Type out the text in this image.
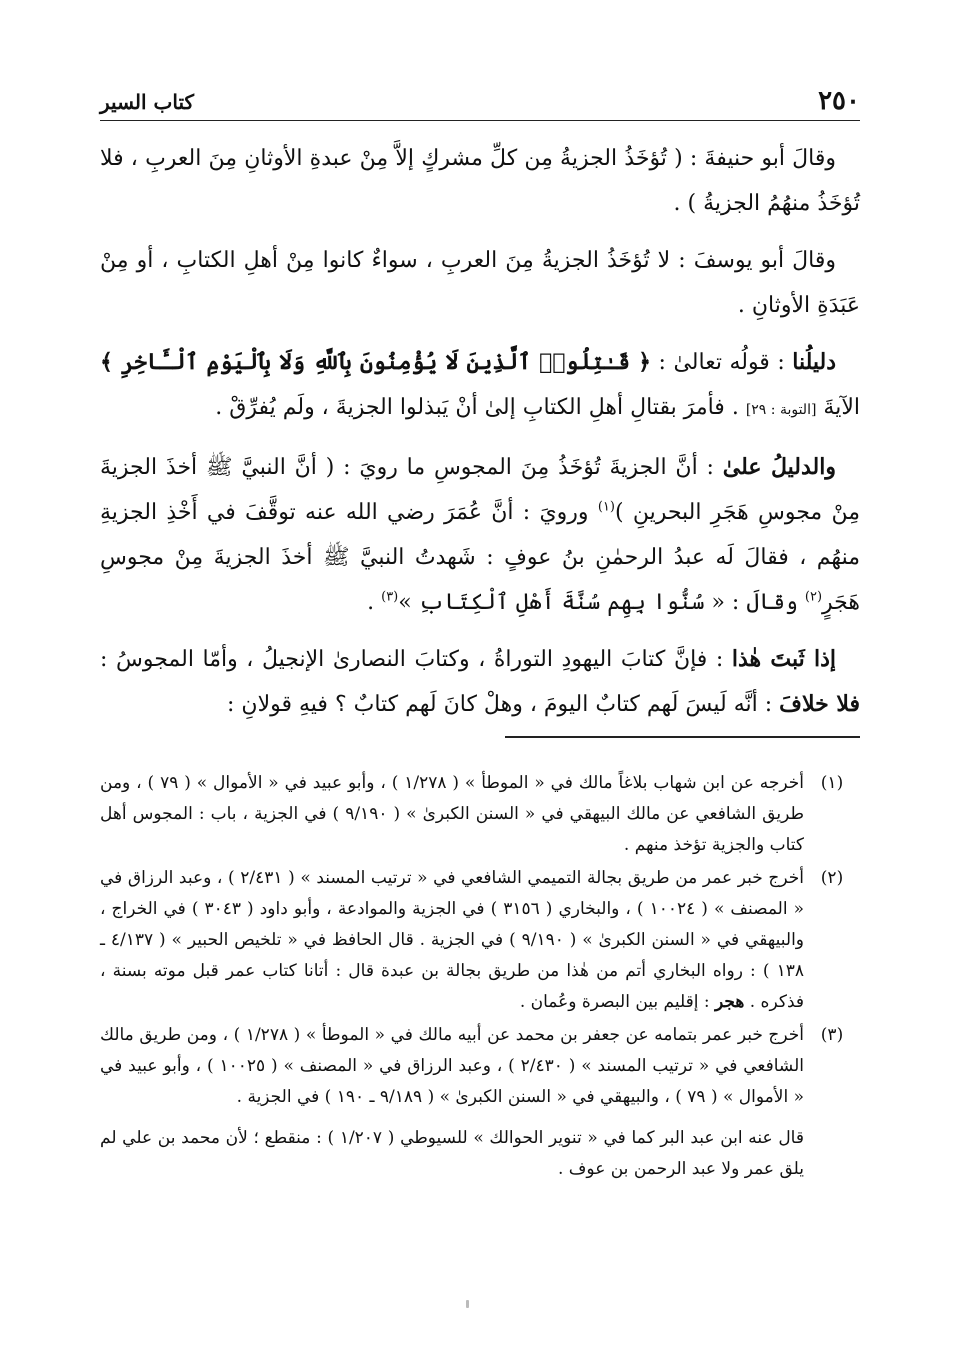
٢٥٠
كتاب السير

وقالَ أبو حنيفةَ : ( تُؤخَذُ الجزيةُ مِن كلِّ مشركٍ إلاَّ مِنْ عبدةِ الأوثانِ مِنَ العربِ ، فلا تُؤخَذُ منهُمُ الجزيةُ ) .

وقالَ أبو يوسفَ : لا تُؤخَذُ الجزيةُ مِنَ العربِ ، سواءٌ كانوا مِنْ أهلِ الكتابِ ، أو مِنْ عَبَدَةِ الأوثانِ .

دليلُنا : قولُه تعالىٰ : ﴿ قَـٰتِلُوا۟ ٱلَّذِينَ لَا يُؤْمِنُونَ بِٱللَّهِ وَلَا بِٱلْيَوْمِ ٱلْـَٔاخِرِ ﴾ الآيةَ [التوبة : ٢٩] . فأمرَ بقتالِ أهلِ الكتابِ إلىٰ أنْ يَبذلوا الجزيةَ ، ولَم يُفرِّقْ .

والدليلُ علىٰ : أنَّ الجزيةَ تُؤخَذُ مِنَ المجوسِ ما رويَ : ( أنَّ النبيَّ ﷺ أخذَ الجزيةَ مِنْ مجوسِ هَجَرِ البحرينِ )$^{(١)}$ ورويَ : أنَّ عُمَرَ رضي الله عنه توقَّفَ في أَخْذِ الجزيةِ منهُم ، فقالَ لَه عبدُ الرحمٰنِ بنُ عوفٍ : شَهدتُ النبيَّ ﷺ أخذَ الجزيةَ مِنْ مجوسِ هَجَرٍ$^{(٢)}$ وقالَ : « سُنُّوا بِهِم سُنَّةَ أَهْلِ ٱلْكِتَابِ »$^{(٣)}$ .

إذا ثَبتَ هٰذا : فإنَّ كتابَ اليهودِ التوراةُ ، وكتابَ النصارىٰ الإنجيلُ ، وأمّا المجوسُ : فلا خلافَ : أنَّه لَيسَ لَهم كتابٌ اليومَ ، وهلْ كانَ لَهم كتابٌ ؟ فيهِ قولانِ :

(١)
أخرجه عن ابن شهاب بلاغاً مالك في « الموطأ » ( ١/٢٧٨ ) ، وأبو عبيد في « الأموال » ( ٧٩ ) ، ومن طريق الشافعي عن مالك البيهقي في « السنن الكبرىٰ » ( ٩/١٩٠ ) في الجزية ، باب : المجوس أهل كتاب والجزية تؤخذ منهم .
(٢)
أخرج خبر عمر من طريق بجالة التميمي الشافعي في « ترتيب المسند » ( ٢/٤٣١ ) ، وعبد الرزاق في « المصنف » ( ١٠٠٢٤ ) ، والبخاري ( ٣١٥٦ ) في الجزية والموادعة ، وأبو داود ( ٣٠٤٣ ) في الخراج ، والبيهقي في « السنن الكبرىٰ » ( ٩/١٩٠ ) في الجزية . قال الحافظ في « تلخيص الحبير » ( ٤/١٣٧ ـ ١٣٨ ) : رواه البخاري أتم من هٰذا من طريق بجالة بن عبدة قال : أتانا كتاب عمر قبل موته بسنة ، فذكره . هجر : إقليم بين البصرة وعُمان .
(٣)
أخرج خبر عمر بتمامه عن جعفر بن محمد عن أبيه مالك في « الموطأ » ( ١/٢٧٨ ) ، ومن طريق مالك الشافعي في « ترتيب المسند » ( ٢/٤٣٠ ) ، وعبد الرزاق في « المصنف » ( ١٠٠٢٥ ) ، وأبو عبيد في « الأموال » ( ٧٩ ) ، والبيهقي في « السنن الكبرىٰ » ( ٩/١٨٩ ـ ١٩٠ ) في الجزية .
قال عنه ابن عبد البر كما في « تنوير الحوالك » للسيوطي ( ١/٢٠٧ ) : منقطع ؛ لأن محمد بن علي لم يلق عمر ولا عبد الرحمن بن عوف .
